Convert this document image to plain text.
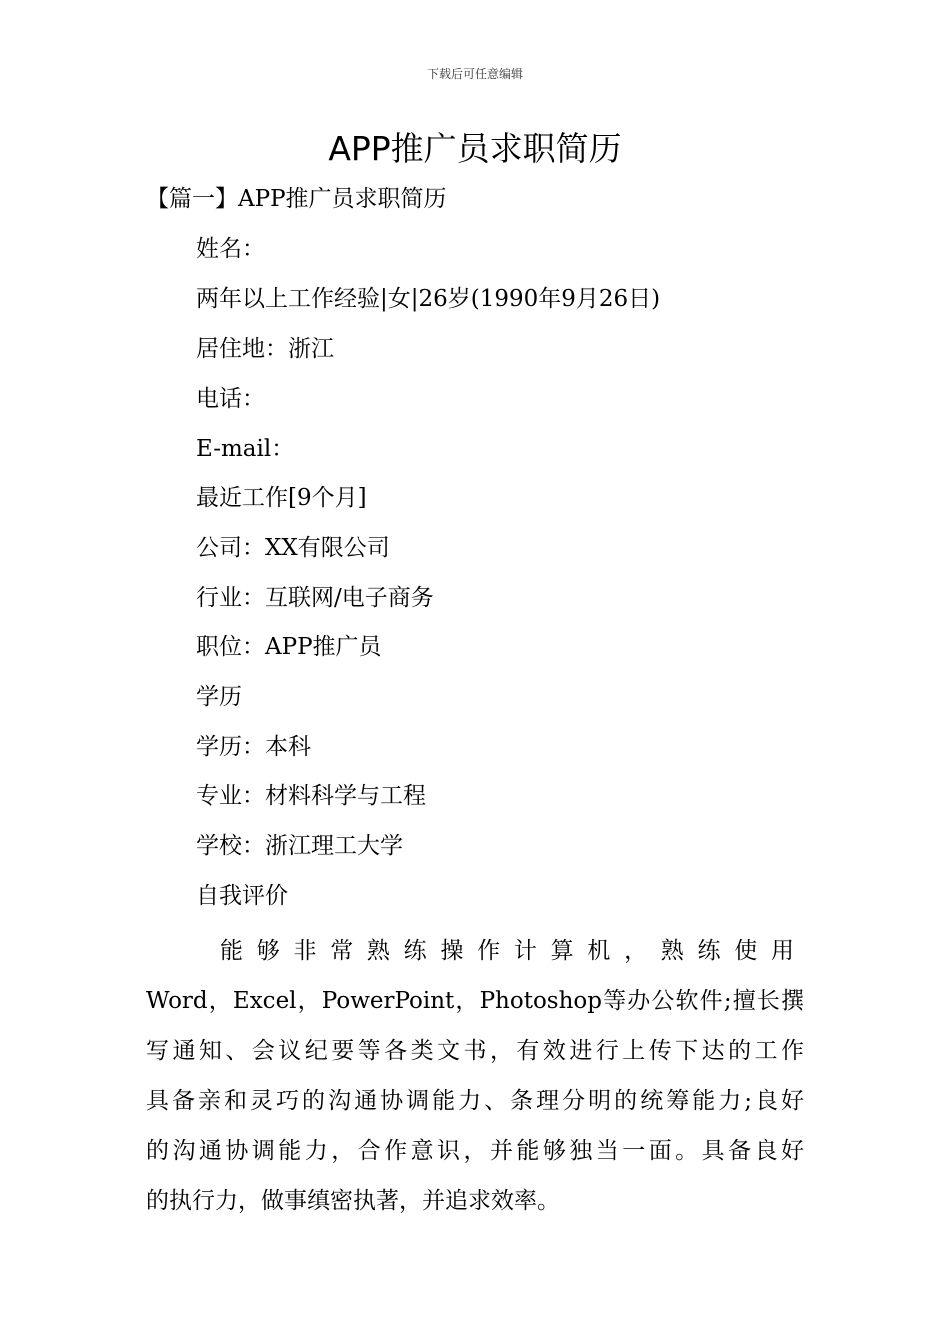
下载后可任意编辑
APP推广员求职简历
【篇一】APP推广员求职简历
姓名：
两年以上工作经验|女|26岁(1990年9月26日)
居住地：浙江
电话：
E-mail：
最近工作[9个月]
公司：XX有限公司
行业：互联网/电子商务
职位：APP推广员
学历
学历：本科
专业：材料科学与工程
学校：浙江理工大学
自我评价
能够非常熟练操作计算机，熟练使用
Word，Excel，PowerPoint，Photoshop等办公软件;擅长撰
写通知、会议纪要等各类文书，有效进行上传下达的工作
具备亲和灵巧的沟通协调能力、条理分明的统筹能力;良好
的沟通协调能力，合作意识，并能够独当一面。具备良好
的执行力，做事缜密执著，并追求效率。
